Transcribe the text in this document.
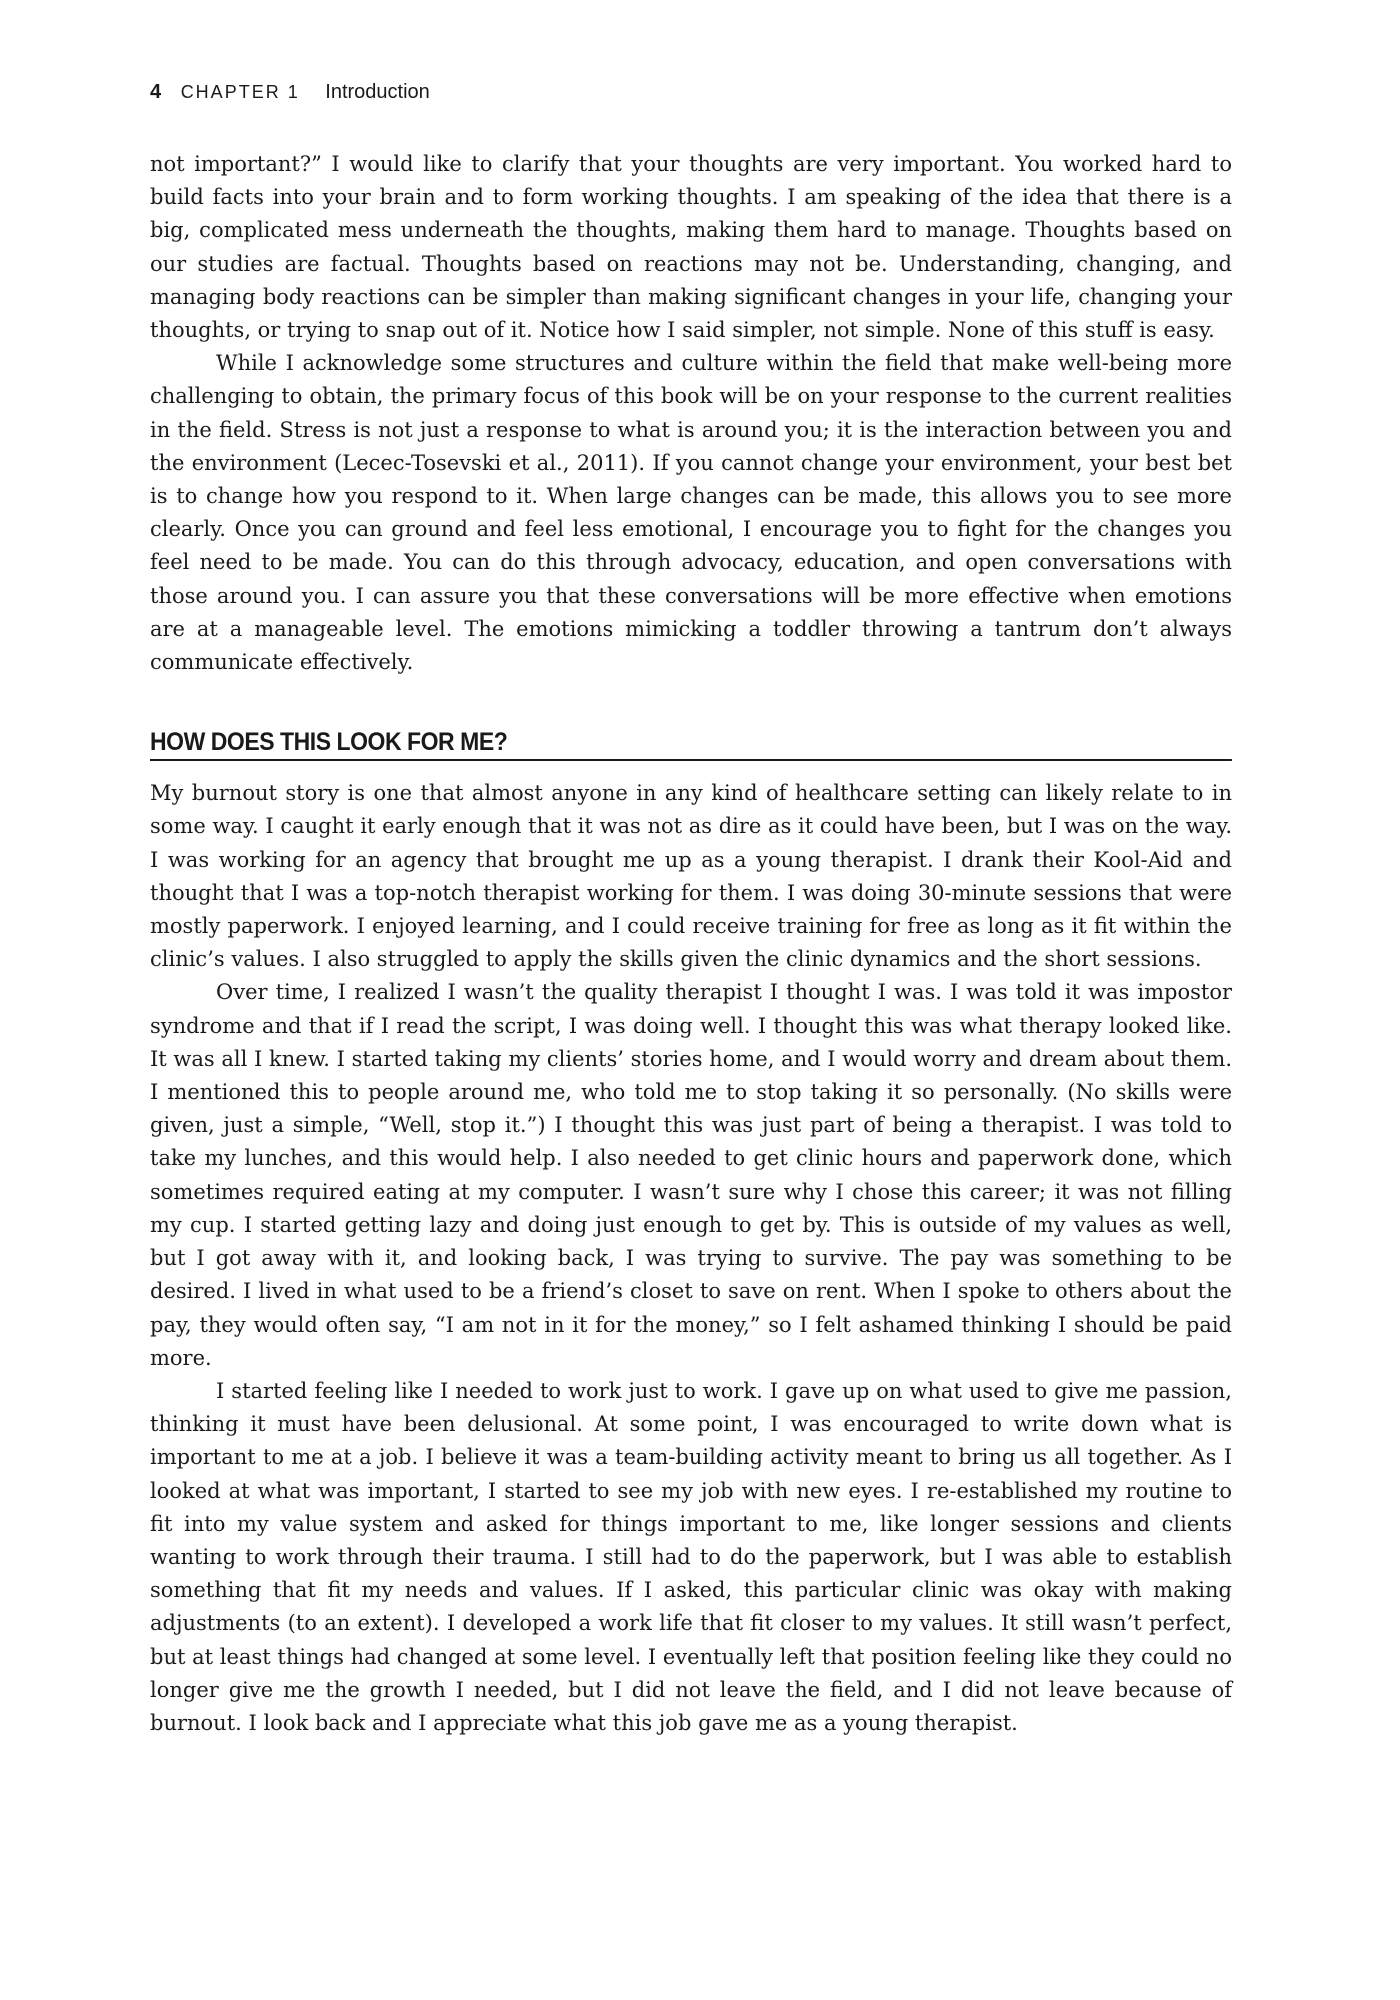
4 CHAPTER 1 Introduction

not important?” I would like to clarify that your thoughts are very important. You worked hard to build facts into your brain and to form working thoughts. I am speaking of the idea that there is a big, complicated mess underneath the thoughts, making them hard to manage. Thoughts based on our studies are factual. Thoughts based on reactions may not be. Understanding, changing, and managing body reactions can be simpler than making significant changes in your life, changing your thoughts, or trying to snap out of it. Notice how I said simpler, not simple. None of this stuff is easy.

While I acknowledge some structures and culture within the field that make well-being more challenging to obtain, the primary focus of this book will be on your response to the current realities in the field. Stress is not just a response to what is around you; it is the interaction between you and the environment (Lecec-Tosevski et al., 2011). If you cannot change your environment, your best bet is to change how you respond to it. When large changes can be made, this allows you to see more clearly. Once you can ground and feel less emotional, I encourage you to fight for the changes you feel need to be made. You can do this through advocacy, education, and open conversations with those around you. I can assure you that these conversations will be more effective when emotions are at a manageable level. The emotions mimicking a toddler throwing a tantrum don’t always communicate effectively.

HOW DOES THIS LOOK FOR ME?

My burnout story is one that almost anyone in any kind of healthcare setting can likely relate to in some way. I caught it early enough that it was not as dire as it could have been, but I was on the way. I was working for an agency that brought me up as a young therapist. I drank their Kool-Aid and thought that I was a top-notch therapist working for them. I was doing 30-minute sessions that were mostly paperwork. I enjoyed learning, and I could receive training for free as long as it fit within the clinic’s values. I also struggled to apply the skills given the clinic dynamics and the short sessions.

Over time, I realized I wasn’t the quality therapist I thought I was. I was told it was impostor syndrome and that if I read the script, I was doing well. I thought this was what therapy looked like. It was all I knew. I started taking my clients’ stories home, and I would worry and dream about them. I mentioned this to people around me, who told me to stop taking it so personally. (No skills were given, just a simple, “Well, stop it.”) I thought this was just part of being a therapist. I was told to take my lunches, and this would help. I also needed to get clinic hours and paperwork done, which sometimes required eating at my computer. I wasn’t sure why I chose this career; it was not filling my cup. I started getting lazy and doing just enough to get by. This is outside of my values as well, but I got away with it, and looking back, I was trying to survive. The pay was something to be desired. I lived in what used to be a friend’s closet to save on rent. When I spoke to others about the pay, they would often say, “I am not in it for the money,” so I felt ashamed thinking I should be paid more.

I started feeling like I needed to work just to work. I gave up on what used to give me passion, thinking it must have been delusional. At some point, I was encouraged to write down what is important to me at a job. I believe it was a team-building activity meant to bring us all together. As I looked at what was important, I started to see my job with new eyes. I re-established my routine to fit into my value system and asked for things important to me, like longer sessions and clients wanting to work through their trauma. I still had to do the paperwork, but I was able to establish something that fit my needs and values. If I asked, this particular clinic was okay with making adjustments (to an extent). I developed a work life that fit closer to my values. It still wasn’t perfect, but at least things had changed at some level. I eventually left that position feeling like they could no longer give me the growth I needed, but I did not leave the field, and I did not leave because of burnout. I look back and I appreciate what this job gave me as a young therapist.
